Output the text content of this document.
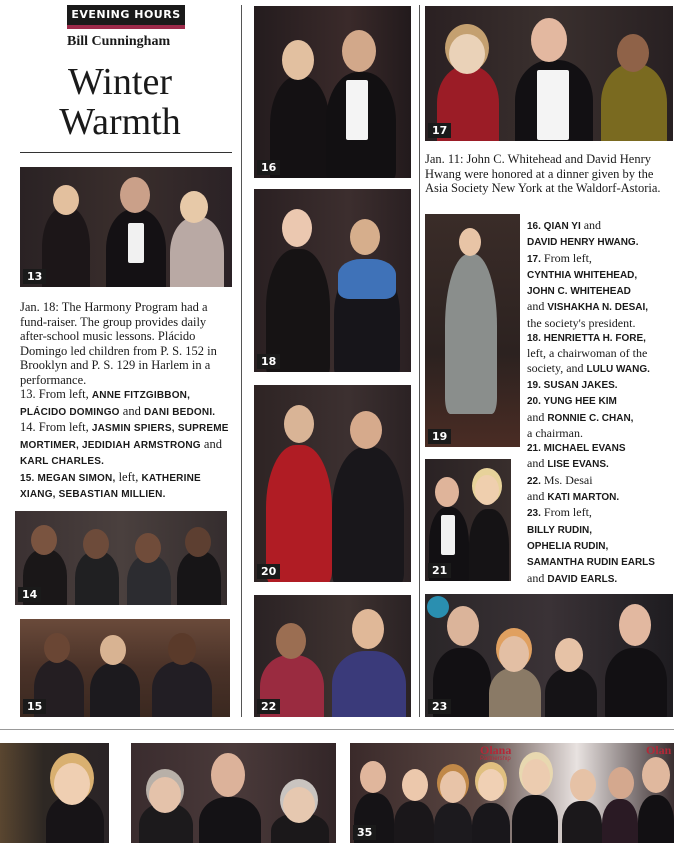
EVENING HOURS
Bill Cunningham
Winter
Warmth
13

Jan. 18: The Harmony Program had a fund-raiser. The group provides daily after-school music lessons. Plácido Domingo led children from P. S. 152 in Brooklyn and P. S. 129 in Harlem in a performance.

13. From left, ANNE FITZGIBBON, PLÁCIDO DOMINGO and DANI BEDONI.

14. From left, JASMIN SPIERS, SUPREME MORTIMER, JEDIDIAH ARMSTRONG and KARL CHARLES.

15. MEGAN SIMON, left, KATHERINE XIANG, SEBASTIAN MILLIEN.

14
15
16
18
20
22
17

Jan. 11: John C. Whitehead and David Henry Hwang were honored at a dinner given by the Asia Society New York at the Waldorf-Astoria.

19
21
16. QIAN YI and
DAVID HENRY HWANG.
17. From left,
CYNTHIA WHITEHEAD,
JOHN C. WHITEHEAD
and VISHAKHA N. DESAI,
the society's president.
18. HENRIETTA H. FORE,
left, a chairwoman of the
society, and LULU WANG.
19. SUSAN JAKES.
20. YUNG HEE KIM
and RONNIE C. CHAN,
a chairman.
21. MICHAEL EVANS
and LISE EVANS.
22. Ms. Desai
and KATI MARTON.
23. From left,
BILLY RUDIN,
OPHELIA RUDIN,
SAMANTHA RUDIN EARLS
and DAVID EARLS.
23
Olana
Partnership
Olan
35
